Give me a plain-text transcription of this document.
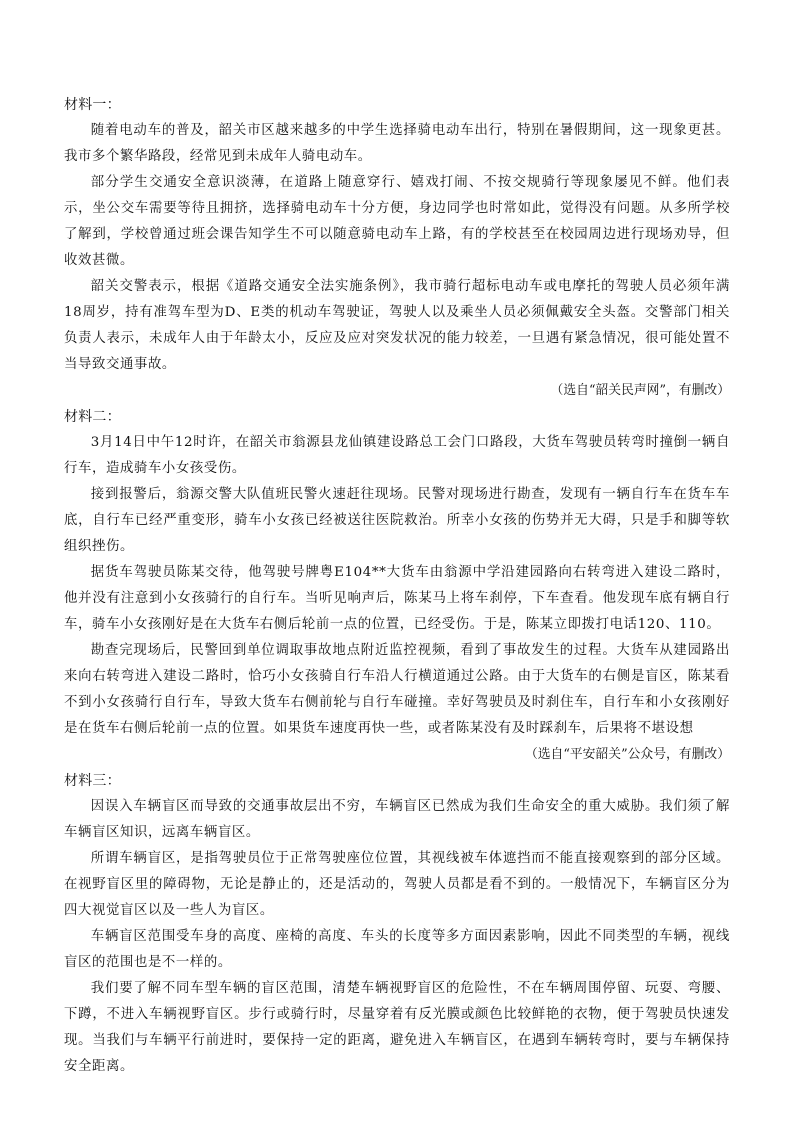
材料一：

随着电动车的普及，韶关市区越来越多的中学生选择骑电动车出行，特别在暑假期间，这一现象更甚。我市多个繁华路段，经常见到未成年人骑电动车。

部分学生交通安全意识淡薄，在道路上随意穿行、嬉戏打闹、不按交规骑行等现象屡见不鲜。他们表示，坐公交车需要等待且拥挤，选择骑电动车十分方便，身边同学也时常如此，觉得没有问题。从多所学校了解到，学校曾通过班会课告知学生不可以随意骑电动车上路，有的学校甚至在校园周边进行现场劝导，但收效甚微。

韶关交警表示，根据《道路交通安全法实施条例》，我市骑行超标电动车或电摩托的驾驶人员必须年满18周岁，持有准驾车型为D、E类的机动车驾驶证，驾驶人以及乘坐人员必须佩戴安全头盔。交警部门相关负责人表示，未成年人由于年龄太小，反应及应对突发状况的能力较差，一旦遇有紧急情况，很可能处置不当导致交通事故。

（选自“韶关民声网”，有删改）

材料二：

3月14日中午12时许，在韶关市翁源县龙仙镇建设路总工会门口路段，大货车驾驶员转弯时撞倒一辆自行车，造成骑车小女孩受伤。

接到报警后，翁源交警大队值班民警火速赶往现场。民警对现场进行勘查，发现有一辆自行车在货车车底，自行车已经严重变形，骑车小女孩已经被送往医院救治。所幸小女孩的伤势并无大碍，只是手和脚等软组织挫伤。

据货车驾驶员陈某交待，他驾驶号牌粤E104**大货车由翁源中学沿建园路向右转弯进入建设二路时，他并没有注意到小女孩骑行的自行车。当听见响声后，陈某马上将车刹停，下车查看。他发现车底有辆自行车，骑车小女孩刚好是在大货车右侧后轮前一点的位置，已经受伤。于是，陈某立即拨打电话120、110。

勘查完现场后，民警回到单位调取事故地点附近监控视频，看到了事故发生的过程。大货车从建园路出来向右转弯进入建设二路时，恰巧小女孩骑自行车沿人行横道通过公路。由于大货车的右侧是盲区，陈某看不到小女孩骑行自行车，导致大货车右侧前轮与自行车碰撞。幸好驾驶员及时刹住车，自行车和小女孩刚好是在货车右侧后轮前一点的位置。如果货车速度再快一些，或者陈某没有及时踩刹车，后果将不堪设想

（选自“平安韶关”公众号，有删改）

材料三：

因误入车辆盲区而导致的交通事故层出不穷，车辆盲区已然成为我们生命安全的重大威胁。我们须了解车辆盲区知识，远离车辆盲区。

所谓车辆盲区，是指驾驶员位于正常驾驶座位位置，其视线被车体遮挡而不能直接观察到的部分区域。在视野盲区里的障碍物，无论是静止的，还是活动的，驾驶人员都是看不到的。一般情况下，车辆盲区分为四大视觉盲区以及一些人为盲区。

车辆盲区范围受车身的高度、座椅的高度、车头的长度等多方面因素影响，因此不同类型的车辆，视线盲区的范围也是不一样的。

我们要了解不同车型车辆的盲区范围，清楚车辆视野盲区的危险性，不在车辆周围停留、玩耍、弯腰、下蹲，不进入车辆视野盲区。步行或骑行时，尽量穿着有反光膜或颜色比较鲜艳的衣物，便于驾驶员快速发现。当我们与车辆平行前进时，要保持一定的距离，避免进入车辆盲区，在遇到车辆转弯时，要与车辆保持安全距离。
